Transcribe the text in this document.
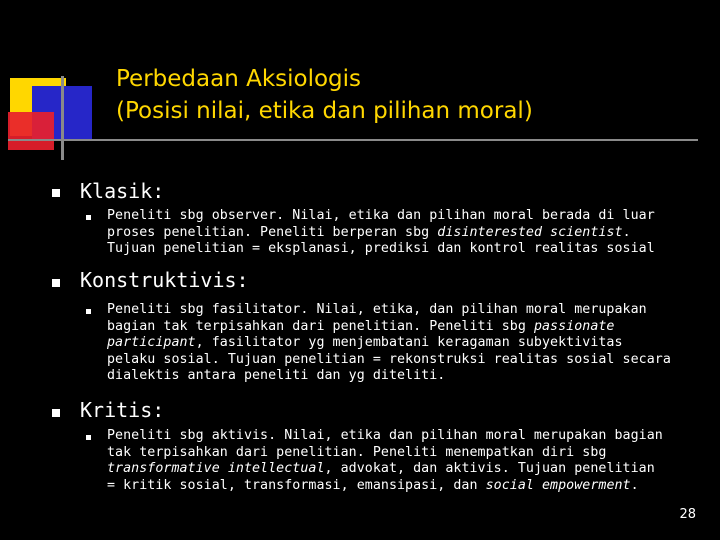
Perbedaan Aksiologis
(Posisi nilai, etika dan pilihan moral)
Klasik:

Peneliti sbg observer. Nilai, etika dan pilihan moral berada di luar
proses penelitian. Peneliti berperan sbg disinterested scientist.
Tujuan penelitian = eksplanasi, prediksi dan kontrol realitas sosial

Konstruktivis:

Peneliti sbg fasilitator. Nilai, etika, dan pilihan moral merupakan
bagian tak terpisahkan dari penelitian. Peneliti sbg passionate
participant, fasilitator yg menjembatani keragaman subyektivitas
pelaku sosial. Tujuan penelitian = rekonstruksi realitas sosial secara
dialektis antara peneliti dan yg diteliti.

Kritis:

Peneliti sbg aktivis. Nilai, etika dan pilihan moral merupakan bagian
tak terpisahkan dari penelitian. Peneliti menempatkan diri sbg
transformative intellectual, advokat, dan aktivis. Tujuan penelitian
= kritik sosial, transformasi, emansipasi, dan social empowerment.

28
